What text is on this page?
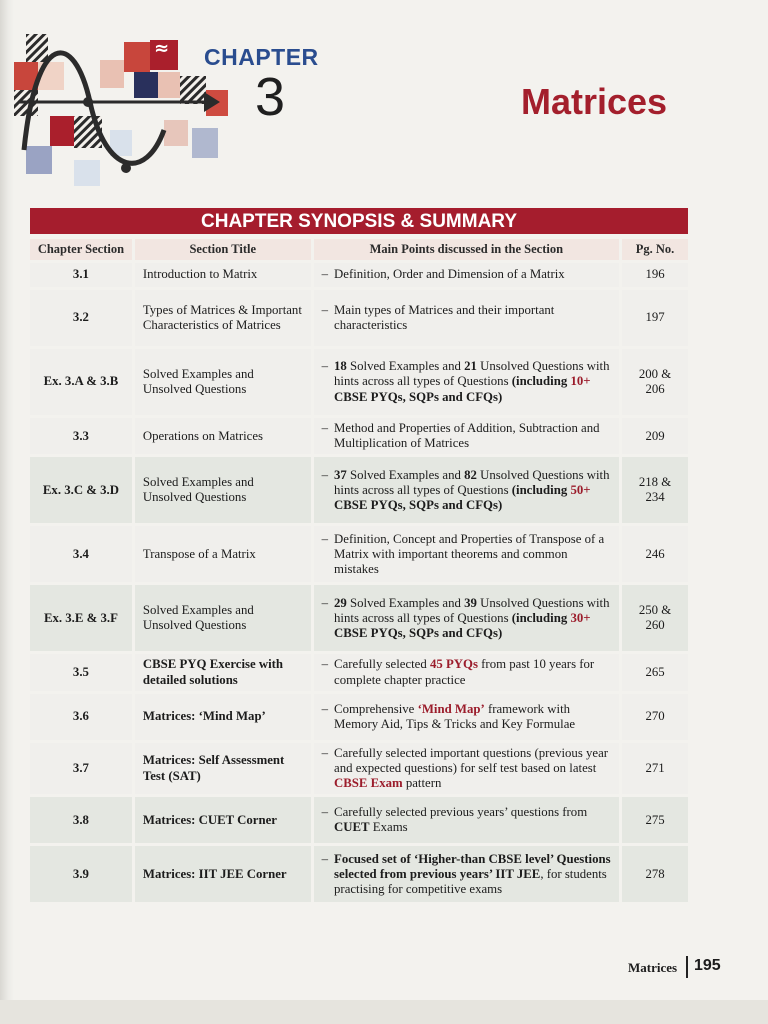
≈ CHAPTER
3	Matrices
CHAPTER SYNOPSIS & SUMMARY
Chapter Section	Section Title	Main Points discussed in the Section	Pg. No.
3.1	Introduction to Matrix	– Definition, Order and Dimension of a Matrix	196
3.2	Types of Matrices & Important Characteristics of Matrices	– Main types of Matrices and their important characteristics	197
Ex. 3.A & 3.B	Solved Examples and Unsolved Questions	– 18 Solved Examples and 21 Unsolved Questions with hints across all types of Questions (including 10+ CBSE PYQs, SQPs and CFQs)	200 & 206
3.3	Operations on Matrices	– Method and Properties of Addition, Subtraction and Multiplication of Matrices	209
Ex. 3.C & 3.D	Solved Examples and Unsolved Questions	– 37 Solved Examples and 82 Unsolved Questions with hints across all types of Questions (including 50+ CBSE PYQs, SQPs and CFQs)	218 & 234
3.4	Transpose of a Matrix	– Definition, Concept and Properties of Transpose of a Matrix with important theorems and common mistakes	246
Ex. 3.E & 3.F	Solved Examples and Unsolved Questions	– 29 Solved Examples and 39 Unsolved Questions with hints across all types of Questions (including 30+ CBSE PYQs, SQPs and CFQs)	250 & 260
3.5	CBSE PYQ Exercise with detailed solutions	– Carefully selected 45 PYQs from past 10 years for complete chapter practice	265
3.6	Matrices: ‘Mind Map’	– Comprehensive ‘Mind Map’ framework with Memory Aid, Tips & Tricks and Key Formulae	270
3.7	Matrices: Self Assessment Test (SAT)	– Carefully selected important questions (previous year and expected questions) for self test based on latest CBSE Exam pattern	271
3.8	Matrices: CUET Corner	– Carefully selected previous years’ questions from CUET Exams	275
3.9	Matrices: IIT JEE Corner	– Focused set of ‘Higher-than CBSE level’ Questions selected from previous years’ IIT JEE, for students practising for competitive exams	278
Matrices 195
